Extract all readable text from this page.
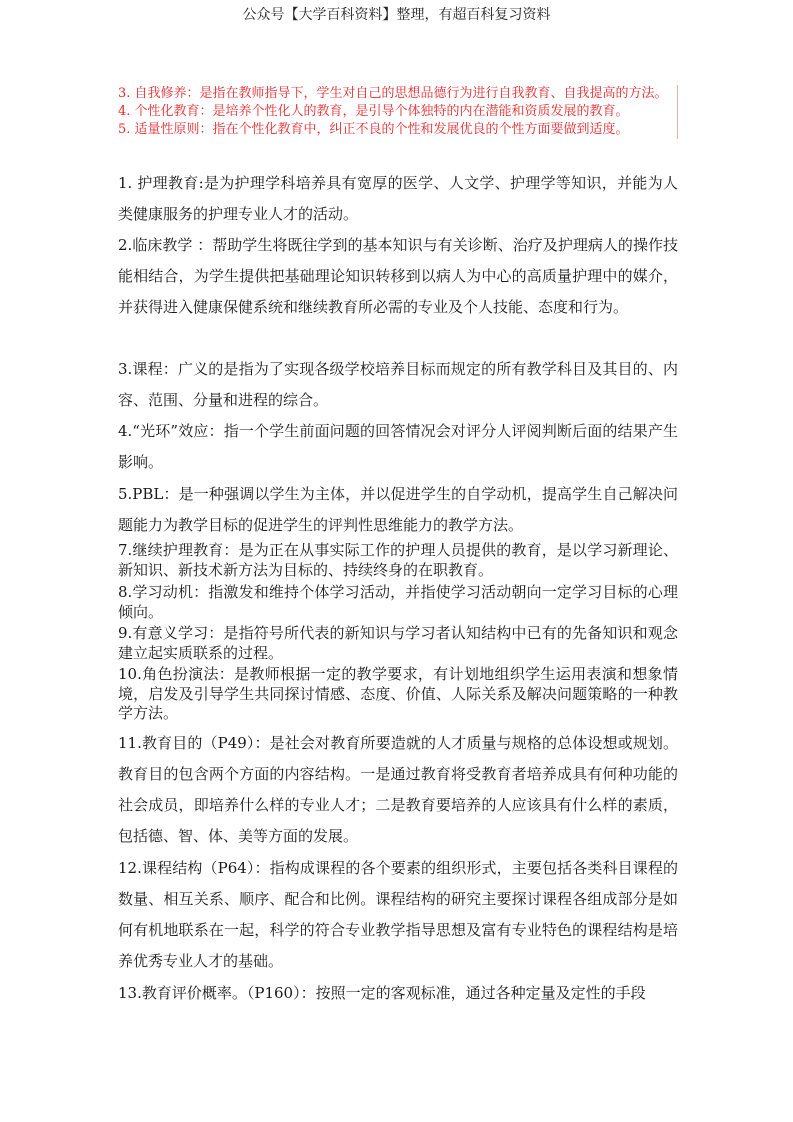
公众号【大学百科资料】整理，有超百科复习资料
3. 自我修养：是指在教师指导下，学生对自己的思想品德行为进行自我教育、自我提高的方法。
4. 个性化教育：是培养个性化人的教育，是引导个体独特的内在潜能和资质发展的教育。
5. 适量性原则：指在个性化教育中，纠正不良的个性和发展优良的个性方面要做到适度。
1. 护理教育:是为护理学科培养具有宽厚的医学、人文学、护理学等知识，并能为人类健康服务的护理专业人才的活动。
2.临床教学 ：帮助学生将既往学到的基本知识与有关诊断、治疗及护理病人的操作技能相结合，为学生提供把基础理论知识转移到以病人为中心的高质量护理中的媒介，并获得进入健康保健系统和继续教育所必需的专业及个人技能、态度和行为。
3.课程：广义的是指为了实现各级学校培养目标而规定的所有教学科目及其目的、内容、范围、分量和进程的综合。
4.“光环”效应：指一个学生前面问题的回答情况会对评分人评阅判断后面的结果产生影响。
5.PBL：是一种强调以学生为主体，并以促进学生的自学动机，提高学生自己解决问题能力为教学目标的促进学生的评判性思维能力的教学方法。
7.继续护理教育：是为正在从事实际工作的护理人员提供的教育，是以学习新理论、新知识、新技术新方法为目标的、持续终身的在职教育。
8.学习动机：指激发和维持个体学习活动，并指使学习活动朝向一定学习目标的心理倾向。
9.有意义学习：是指符号所代表的新知识与学习者认知结构中已有的先备知识和观念建立起实质联系的过程。
10.角色扮演法：是教师根据一定的教学要求，有计划地组织学生运用表演和想象情境，启发及引导学生共同探讨情感、态度、价值、人际关系及解决问题策略的一种教学方法。
11.教育目的（P49）：是社会对教育所要造就的人才质量与规格的总体设想或规划。教育目的包含两个方面的内容结构。一是通过教育将受教育者培养成具有何种功能的社会成员，即培养什么样的专业人才；二是教育要培养的人应该具有什么样的素质，包括德、智、体、美等方面的发展。
12.课程结构（P64）：指构成课程的各个要素的组织形式，主要包括各类科目课程的数量、相互关系、顺序、配合和比例。课程结构的研究主要探讨课程各组成部分是如何有机地联系在一起，科学的符合专业教学指导思想及富有专业特色的课程结构是培养优秀专业人才的基础。
13.教育评价概率。（P160）：按照一定的客观标准，通过各种定量及定性的手段
